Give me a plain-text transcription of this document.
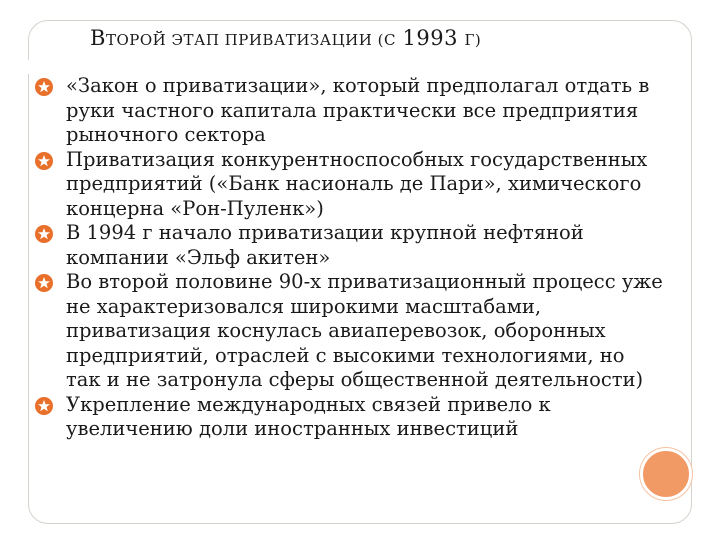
ВТОРОЙ ЭТАП ПРИВАТИЗАЦИИ (С 1993 Г)
«Закон о приватизации», который предполагал отдать в руки частного капитала практически все предприятия рыночного сектора
Приватизация конкурентноспособных государственных предприятий («Банк насиональ де Пари», химического концерна «Рон-Пуленк»)
В 1994 г начало приватизации крупной нефтяной компании «Эльф акитен»
Во второй половине 90-х приватизационный процесс уже не характеризовался широкими масштабами, приватизация коснулась авиаперевозок, оборонных предприятий, отраслей с высокими технологиями, но так и не затронула сферы общественной деятельности)
Укрепление международных связей привело к увеличению доли иностранных инвестиций
